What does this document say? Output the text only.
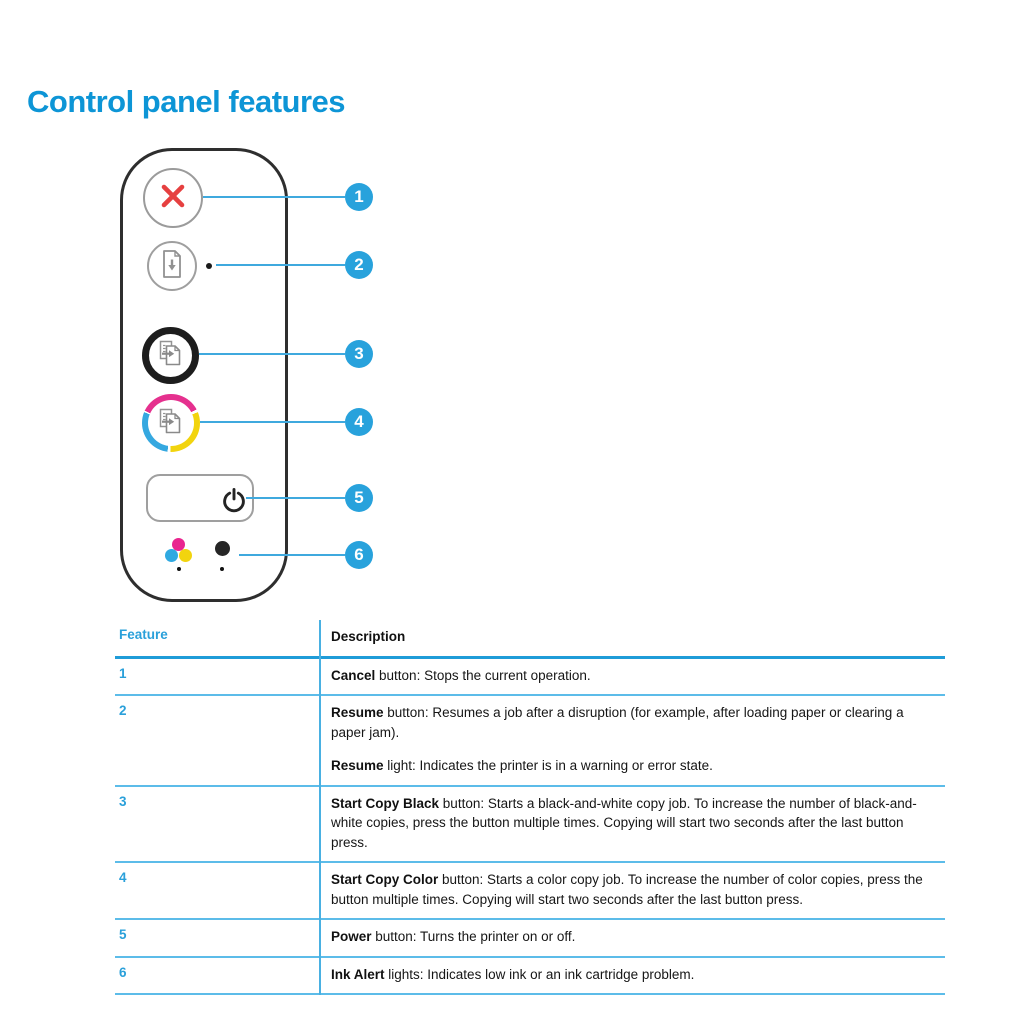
Control panel features
1
2
3
4
5
6
Feature	Description
1	Cancel button: Stops the current operation.

2	Resume button: Resumes a job after a disruption (for example, after loading paper or clearing a paper jam).

Resume light: Indicates the printer is in a warning or error state.

3	Start Copy Black button: Starts a black-and-white copy job. To increase the number of black-and-white copies, press the button multiple times. Copying will start two seconds after the last button press.

4	Start Copy Color button: Starts a color copy job. To increase the number of color copies, press the button multiple times. Copying will start two seconds after the last button press.

5	Power button: Turns the printer on or off.

6	Ink Alert lights: Indicates low ink or an ink cartridge problem.
